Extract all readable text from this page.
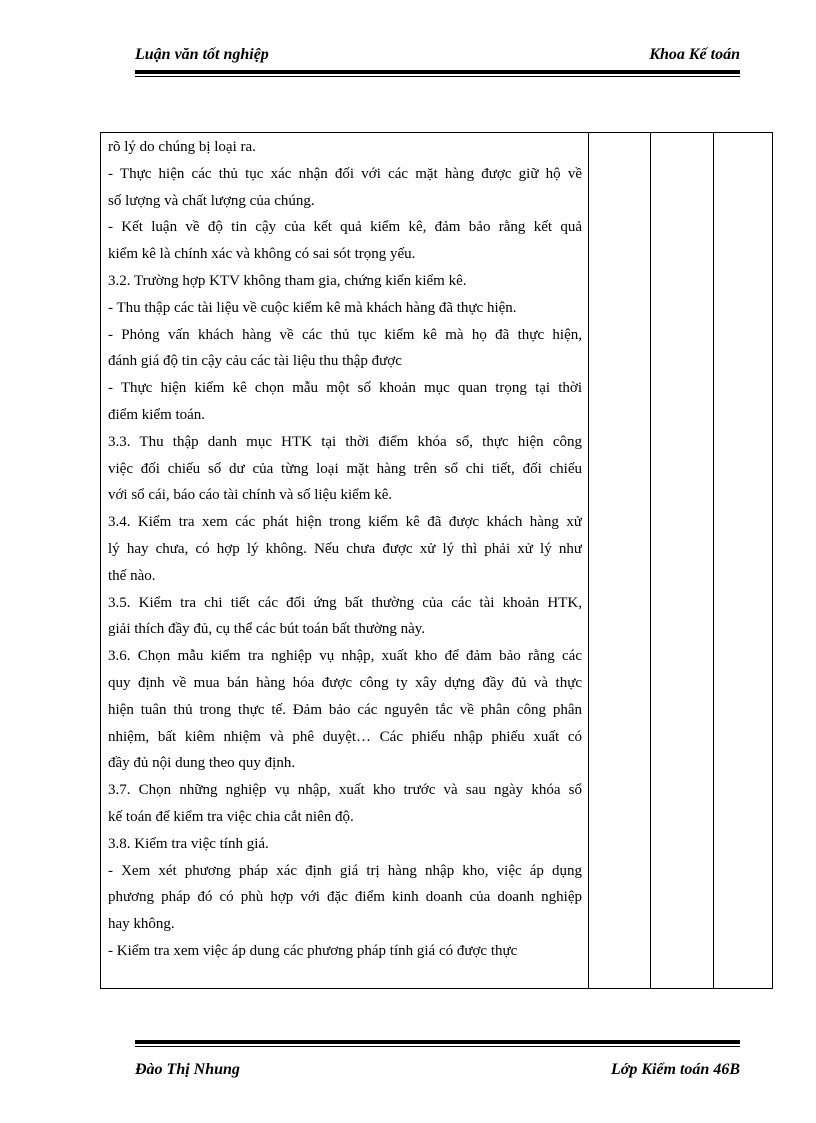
Luận văn tốt nghiệp	Khoa Kế toán
rõ lý do chúng bị loại ra.
- Thực hiện các thủ tục xác nhận đối với các mặt hàng được giữ hộ về
số lượng và chất lượng của chúng.
- Kết luận về độ tin cậy của kết quả kiểm kê, đảm bảo rằng kết quả
kiểm kê là chính xác và không có sai sót trọng yếu.
3.2. Trường hợp KTV không tham gia, chứng kiến kiểm kê.
- Thu thập các tài liệu về cuộc kiểm kê mà khách hàng đã thực hiện.
- Phỏng vấn khách hàng về các thủ tục kiểm kê mà họ đã thực hiện,
đánh giá độ tin cậy cảu các tài liệu thu thập được
- Thực hiện kiểm kê chọn mẫu một số khoản mục quan trọng tại thời
điểm kiểm toán.
3.3. Thu thập danh mục HTK tại thời điểm khóa sổ, thực hiện công
việc đối chiếu số dư của từng loại mặt hàng trên sổ chi tiết, đối chiếu
với sổ cái, báo cáo tài chính và số liệu kiểm kê.
3.4. Kiểm tra xem các phát hiện trong kiểm kê đã được khách hàng xử
lý hay chưa, có hợp lý không. Nếu chưa được xử lý thì phải xử lý như
thế nào.
3.5. Kiểm tra chi tiết các đối ứng bất thường của các tài khoản HTK,
giải thích đầy đủ, cụ thể các bút toán bất thường này.
3.6. Chọn mẫu kiểm tra nghiệp vụ nhập, xuất kho để đảm bảo rằng các
quy định về mua bán hàng hóa được công ty xây dựng đầy đủ và thực
hiện tuân thủ trong thực tế. Đảm bảo các nguyên tắc về phân công phân
nhiệm, bất kiêm nhiệm và phê duyệt… Các phiếu nhập phiếu xuất có
đầy đủ nội dung theo quy định.
3.7. Chọn những nghiệp vụ nhập, xuất kho trước và sau ngày khóa sổ
kế toán để kiểm tra việc chia cắt niên độ.
3.8. Kiểm tra việc tính giá.
- Xem xét phương pháp xác định giá trị hàng nhập kho, việc áp dụng
phương pháp đó có phù hợp với đặc điểm kinh doanh của doanh nghiệp
hay không.
- Kiểm tra xem việc áp dung các phương pháp tính giá có được thực

Đào Thị Nhung	Lớp Kiểm toán 46B
